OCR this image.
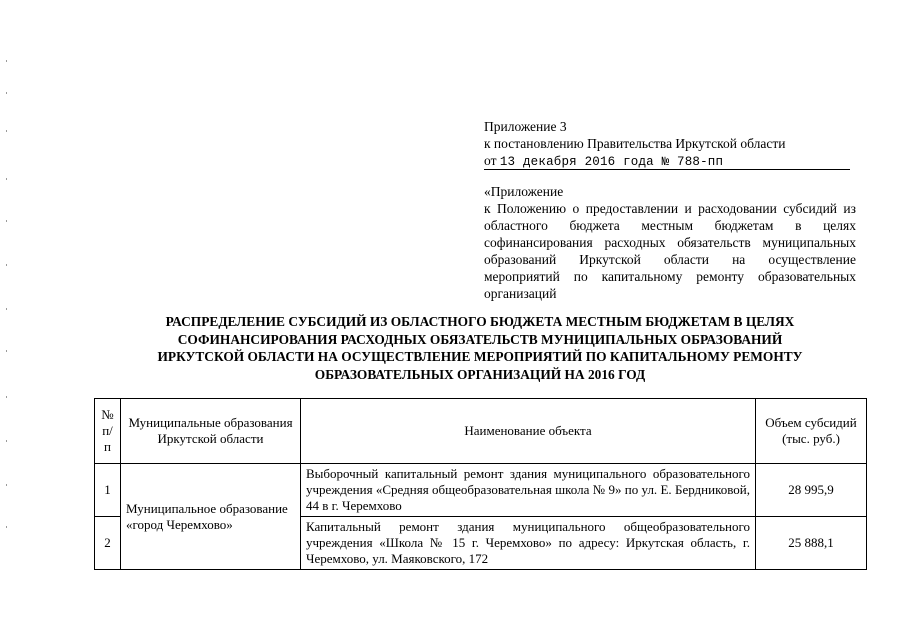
Приложение 3
к постановлению Правительства Иркутской области
от 13 декабря 2016 года № 788-пп
«Приложение
к Положению о предоставлении и расходовании субсидий из областного бюджета местным бюджетам в целях софинансирования расходных обязательств муниципальных образований Иркутской области на осуществление мероприятий по капитальному ремонту образовательных организаций
РАСПРЕДЕЛЕНИЕ СУБСИДИЙ ИЗ ОБЛАСТНОГО БЮДЖЕТА МЕСТНЫМ БЮДЖЕТАМ В ЦЕЛЯХ
СОФИНАНСИРОВАНИЯ РАСХОДНЫХ ОБЯЗАТЕЛЬСТВ МУНИЦИПАЛЬНЫХ ОБРАЗОВАНИЙ
ИРКУТСКОЙ ОБЛАСТИ НА ОСУЩЕСТВЛЕНИЕ МЕРОПРИЯТИЙ ПО КАПИТАЛЬНОМУ РЕМОНТУ
ОБРАЗОВАТЕЛЬНЫХ ОРГАНИЗАЦИЙ НА 2016 ГОД
№ п/п	Муниципальные образования Иркутской области	Наименование объекта	Объем субсидий (тыс. руб.)
1	Муниципальное образование «город Черемхово»	Выборочный капитальный ремонт здания муниципального образовательного учреждения «Средняя общеобразовательная школа № 9» по ул. Е. Бердниковой, 44 в г. Черемхово	28 995,9
2		Капитальный ремонт здания муниципального общеобразовательного учреждения «Школа № 15 г. Черемхово» по адресу: Иркутская область, г. Черемхово, ул. Маяковского, 172	25 888,1
